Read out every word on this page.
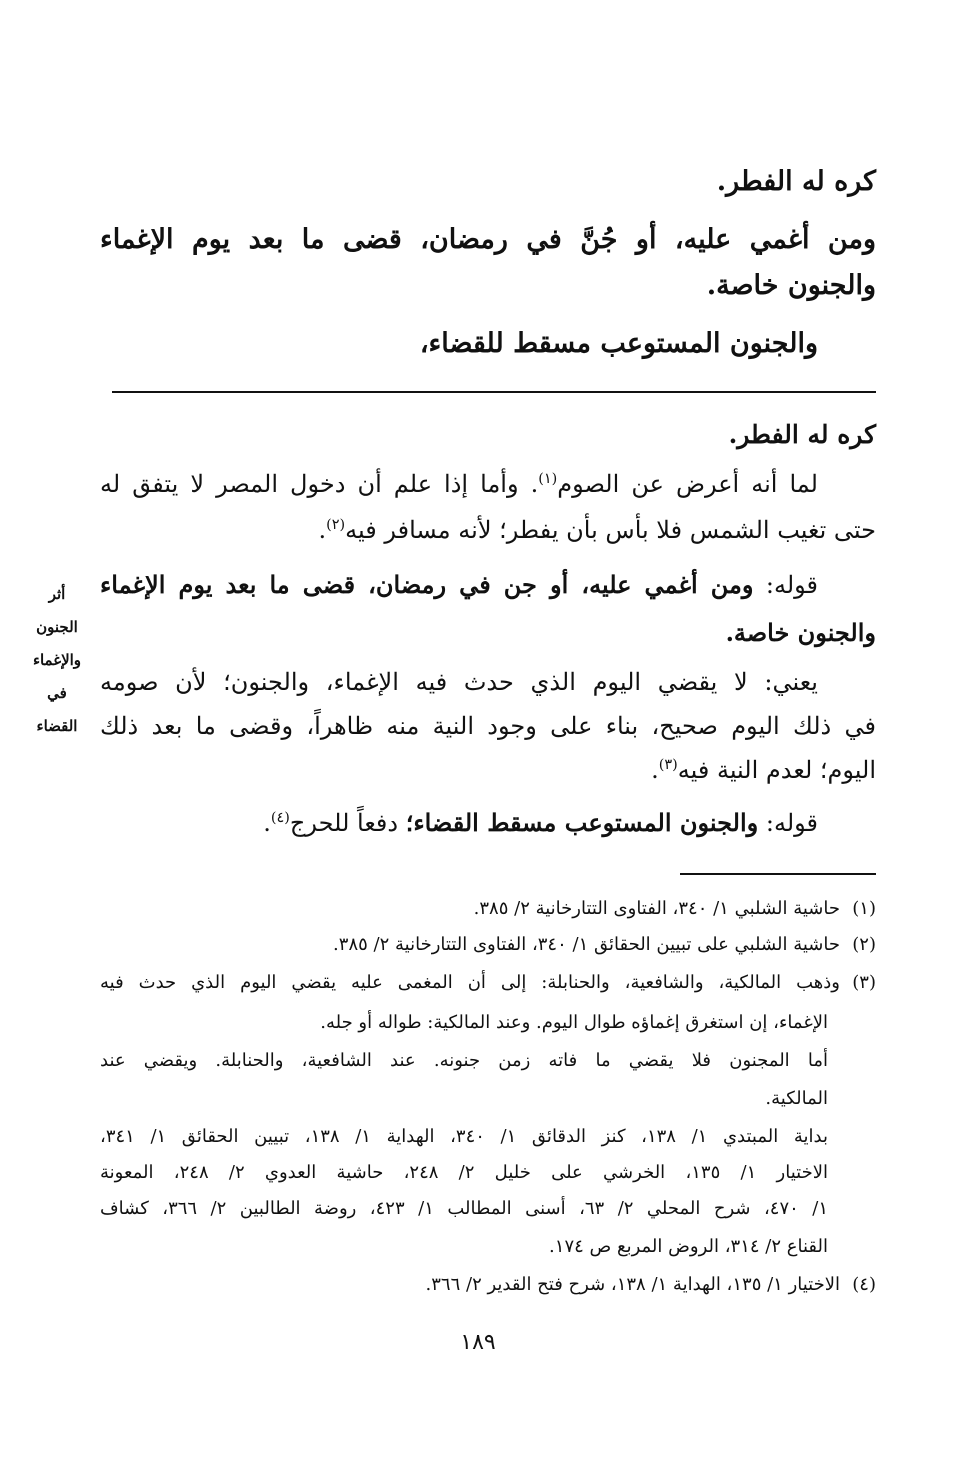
كره له الفطر.
ومن أغمي عليه، أو جُنَّ في رمضان، قضى ما بعد يوم الإغماء
والجنون خاصة.
والجنون المستوعب مسقط للقضاء،
كره له الفطر.
لما أنه أعرض عن الصوم$^{(١)}$. وأما إذا علم أن دخول المصر لا يتفق له
حتى تغيب الشمس فلا بأس بأن يفطر؛ لأنه مسافر فيه$^{(٢)}$.
قوله: ومن أغمي عليه، أو جن في رمضان، قضى ما بعد يوم الإغماء
والجنون خاصة.
يعني: لا يقضي اليوم الذي حدث فيه الإغماء، والجنون؛ لأن صومه
في ذلك اليوم صحيح، بناء على وجود النية منه ظاهراً، وقضى ما بعد ذلك
اليوم؛ لعدم النية فيه$^{(٣)}$.
قوله: والجنون المستوعب مسقط القضاء؛ دفعاً للحرج$^{(٤)}$.
أثر
الجنون
والإغماء
في
القضاء
(١)حاشية الشلبي ١/ ٣٤٠، الفتاوى التتارخانية ٢/ ٣٨٥.
(٢)حاشية الشلبي على تبيين الحقائق ١/ ٣٤٠، الفتاوى التتارخانية ٢/ ٣٨٥.
(٣)وذهب المالكية، والشافعية، والحنابلة: إلى أن المغمى عليه يقضي اليوم الذي حدث فيه
الإغماء، إن استغرق إغماؤه طوال اليوم. وعند المالكية: طواله أو جله.
أما المجنون فلا يقضي ما فاته زمن جنونه. عند الشافعية، والحنابلة. ويقضي عند
المالكية.
بداية المبتدي ١/ ١٣٨، كنز الدقائق ١/ ٣٤٠، الهداية ١/ ١٣٨، تبيين الحقائق ١/ ٣٤١،
الاختيار ١/ ١٣٥، الخرشي على خليل ٢/ ٢٤٨، حاشية العدوي ٢/ ٢٤٨، المعونة
١/ ٤٧٠، شرح المحلي ٢/ ٦٣، أسنى المطالب ١/ ٤٢٣، روضة الطالبين ٢/ ٣٦٦، كشاف
القناع ٢/ ٣١٤، الروض المربع ص ١٧٤.
(٤)الاختيار ١/ ١٣٥، الهداية ١/ ١٣٨، شرح فتح القدير ٢/ ٣٦٦.
١٨٩
